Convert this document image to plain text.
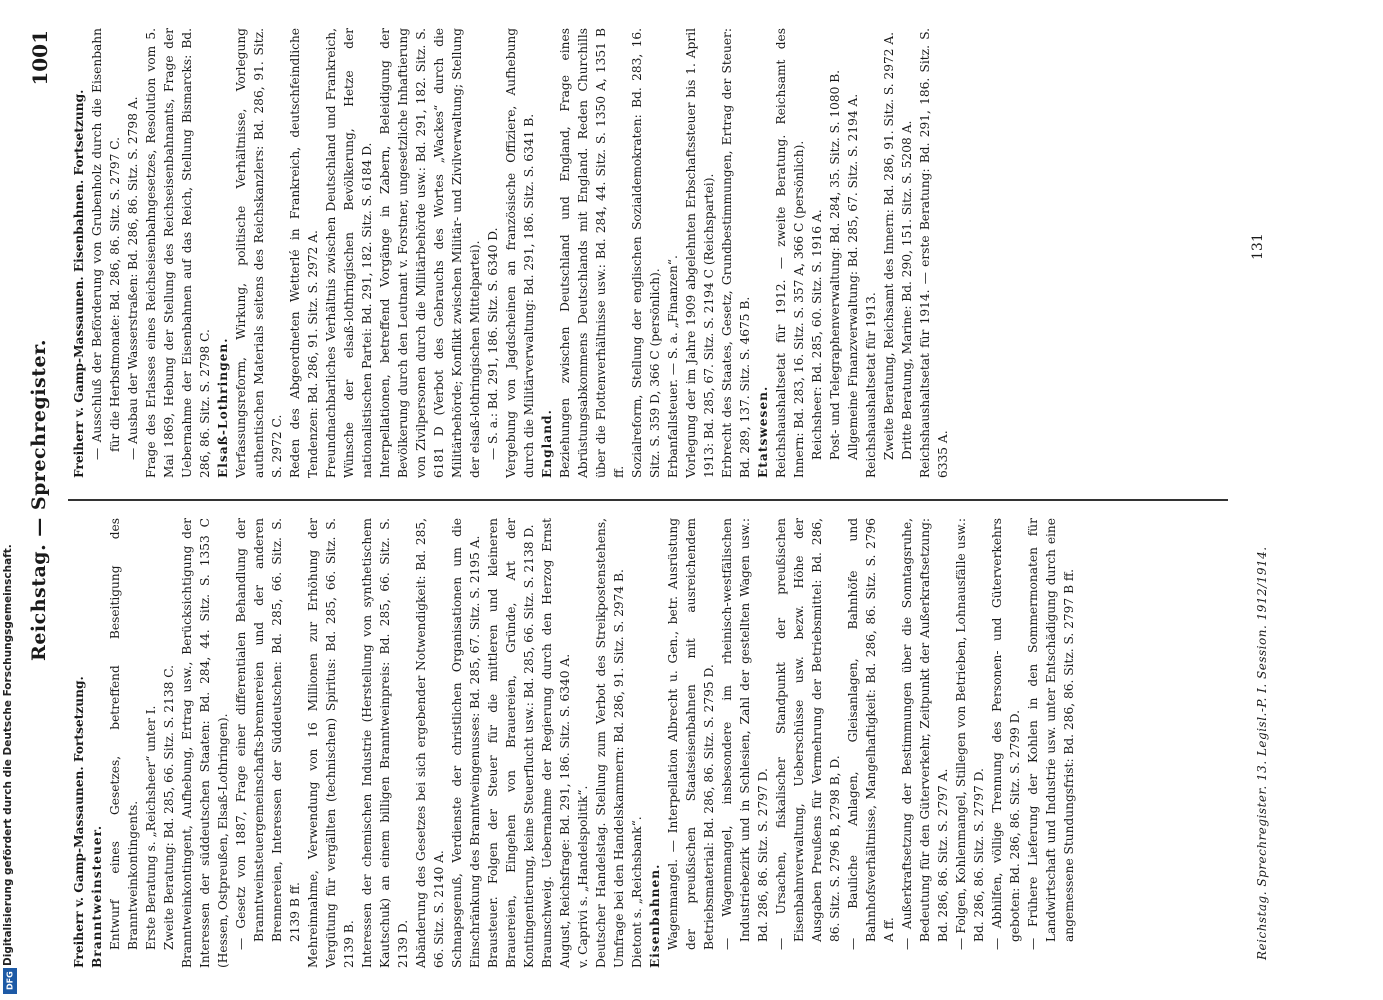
Digitalisierung gefördert durch die Deutsche Forschungsgemeinschaft.
DFG
Reichstag. — Sprechregister.
1001

Freiherr v. Gamp-Massaunen. Fortsetzung. Branntweinsteuer. Entwurf eines Gesetzes, betreffend Beseitigung des Branntweinkontingents. Erste Beratung s. „Reichsheer“ unter I. Zweite Beratung: Bd. 285, 66. Sitz. S. 2138 C. Branntweinkontingent, Aufhebung, Ertrag usw., Berücksichtigung der Interessen der süddeutschen Staaten: Bd. 284, 44. Sitz. S. 1353 C (Hessen, Ostpreußen, Elsaß-Lothringen). — Gesetz von 1887, Frage einer differentialen Behandlung der Branntweinsteuergemeinschafts-brennereien und der anderen Brennereien, Interessen der Süddeutschen: Bd. 285, 66. Sitz. S. 2139 B ff. Mehreinnahme, Verwendung von 16 Millionen zur Erhöhung der Vergütung für vergällten (technischen) Spiritus: Bd. 285, 66. Sitz. S. 2139 B. Interessen der chemischen Industrie (Herstellung von synthetischem Kautschuk) an einem billigen Branntweinpreis: Bd. 285, 66. Sitz. S. 2139 D. Abänderung des Gesetzes bei sich ergebender Notwendigkeit: Bd. 285, 66. Sitz. S. 2140 A. Schnapsgenuß, Verdienste der christlichen Organisationen um die Einschränkung des Branntweingenusses: Bd. 285, 67. Sitz. S. 2195 A. Brausteuer. Folgen der Steuer für die mittleren und kleineren Brauereien, Eingehen von Brauereien, Gründe, Art der Kontingentierung, keine Steuerflucht usw.: Bd. 285, 66. Sitz. S. 2138 D. Braunschweig. Uebernahme der Regierung durch den Herzog Ernst August, Reichsfrage: Bd. 291, 186. Sitz. S. 6340 A. v. Caprivi s. „Handelspolitik“. Deutscher Handelstag. Stellung zum Verbot des Streikpostenstehens, Umfrage bei den Handelskammern: Bd. 286, 91. Sitz. S. 2974 B. Dietont s. „Reichsbank“. Eisenbahnen. Wagenmangel. — Interpellation Albrecht u. Gen., betr. Ausrüstung der preußischen Staatseisenbahnen mit ausreichendem Betriebsmaterial: Bd. 286, 86. Sitz. S. 2795 D. — Wagenmangel, insbesondere im rheinisch-westfälischen Industriebezirk und in Schlesien, Zahl der gestellten Wagen usw.: Bd. 286, 86. Sitz. S. 2797 D. — Ursachen, fiskalischer Standpunkt der preußischen Eisenbahnverwaltung, Ueberschüsse usw. bezw. Höhe der Ausgaben Preußens für Vermehrung der Betriebsmittel: Bd. 286, 86. Sitz. S. 2796 B, 2798 B, D. — Bauliche Anlagen, Gleisanlagen, Bahnhöfe und Bahnhofsverhältnisse, Mangelhaftigkeit: Bd. 286, 86. Sitz. S. 2796 A ff. — Außerkraftsetzung der Bestimmungen über die Sonntagsruhe, Bedeutung für den Güterverkehr, Zeitpunkt der Außerkraftsetzung: Bd. 286, 86. Sitz. S. 2797 A. — Folgen, Kohlenmangel, Stillegen von Betrieben, Lohnausfälle usw.: Bd. 286, 86. Sitz. S. 2797 D. — Abhilfen, völlige Trennung des Personen- und Güterverkehrs geboten: Bd. 286, 86. Sitz. S. 2799 D. — Frühere Lieferung der Kohlen in den Sommermonaten für Landwirtschaft und Industrie usw. unter Entschädigung durch eine angemessene Stundungsfrist: Bd. 286, 86. Sitz. S. 2797 B ff.

Freiherr v. Gamp-Massaunen. Eisenbahnen. Fortsetzung. — Ausschluß der Beförderung von Grubenholz durch die Eisenbahn für die Herbstmonate: Bd. 286, 86. Sitz. S. 2797 C. — Ausbau der Wasserstraßen: Bd. 286, 86. Sitz. S. 2798 A. Frage des Erlasses eines Reichseisenbahngesetzes, Resolution vom 5. Mai 1869, Hebung der Stellung des Reichseisenbahnamts, Frage der Uebernahme der Eisenbahnen auf das Reich, Stellung Bismarcks: Bd. 286, 86. Sitz. S. 2798 C. Elsaß-Lothringen. Verfassungsreform, Wirkung, politische Verhältnisse, Vorlegung authentischen Materials seitens des Reichskanzlers: Bd. 286, 91. Sitz. S. 2972 C. Reden des Abgeordneten Wetterlé in Frankreich, deutschfeindliche Tendenzen: Bd. 286, 91. Sitz. S. 2972 A. Freundnachbarliches Verhältnis zwischen Deutschland und Frankreich, Wünsche der elsaß-lothringischen Bevölkerung, Hetze der nationalistischen Partei: Bd. 291, 182. Sitz. S. 6184 D. Interpellationen, betreffend Vorgänge in Zabern, Beleidigung der Bevölkerung durch den Leutnant v. Forstner, ungesetzliche Inhaftierung von Zivilpersonen durch die Militärbehörde usw.: Bd. 291, 182. Sitz. S. 6181 D (Verbot des Gebrauchs des Wortes „Wackes“ durch die Militärbehörde; Konflikt zwischen Militär- und Zivilverwaltung; Stellung der elsaß-lothringischen Mittelpartei). — S. a.: Bd. 291, 186. Sitz. S. 6340 D. Vergebung von Jagdscheinen an französische Offiziere, Aufhebung durch die Militärverwaltung: Bd. 291, 186. Sitz. S. 6341 B. England. Beziehungen zwischen Deutschland und England, Frage eines Abrüstungsabkommens Deutschlands mit England. Reden Churchills über die Flottenverhältnisse usw.: Bd. 284, 44. Sitz. S. 1350 A, 1351 B ff. Sozialreform, Stellung der englischen Sozialdemokraten: Bd. 283, 16. Sitz. S. 359 D, 366 C (persönlich). Erbanfallsteuer. — S. a. „Finanzen“. Vorlegung der im Jahre 1909 abgelehnten Erbschaftssteuer bis 1. April 1913: Bd. 285, 67. Sitz. S. 2194 C (Reichspartei). Erbrecht des Staates, Gesetz, Grundbestimmungen, Ertrag der Steuer: Bd. 289, 137. Sitz. S. 4675 B. Etatswesen. Reichshaushaltsetat für 1912. — zweite Beratung. Reichsamt des Innern: Bd. 283, 16. Sitz. S. 357 A, 366 C (persönlich). Reichsheer: Bd. 285, 60. Sitz. S. 1916 A. Post- und Telegraphenverwaltung: Bd. 284, 35. Sitz. S. 1080 B. Allgemeine Finanzverwaltung: Bd. 285, 67. Sitz. S. 2194 A. Reichshaushaltsetat für 1913. Zweite Beratung, Reichsamt des Innern: Bd. 286, 91. Sitz. S. 2972 A. Dritte Beratung, Marine: Bd. 290, 151. Sitz. S. 5208 A. Reichshaushaltsetat für 1914. — erste Beratung: Bd. 291, 186. Sitz. S. 6335 A.

Reichstag. Sprechregister. 13. Legisl.-P. I. Session. 1912/1914.
131
